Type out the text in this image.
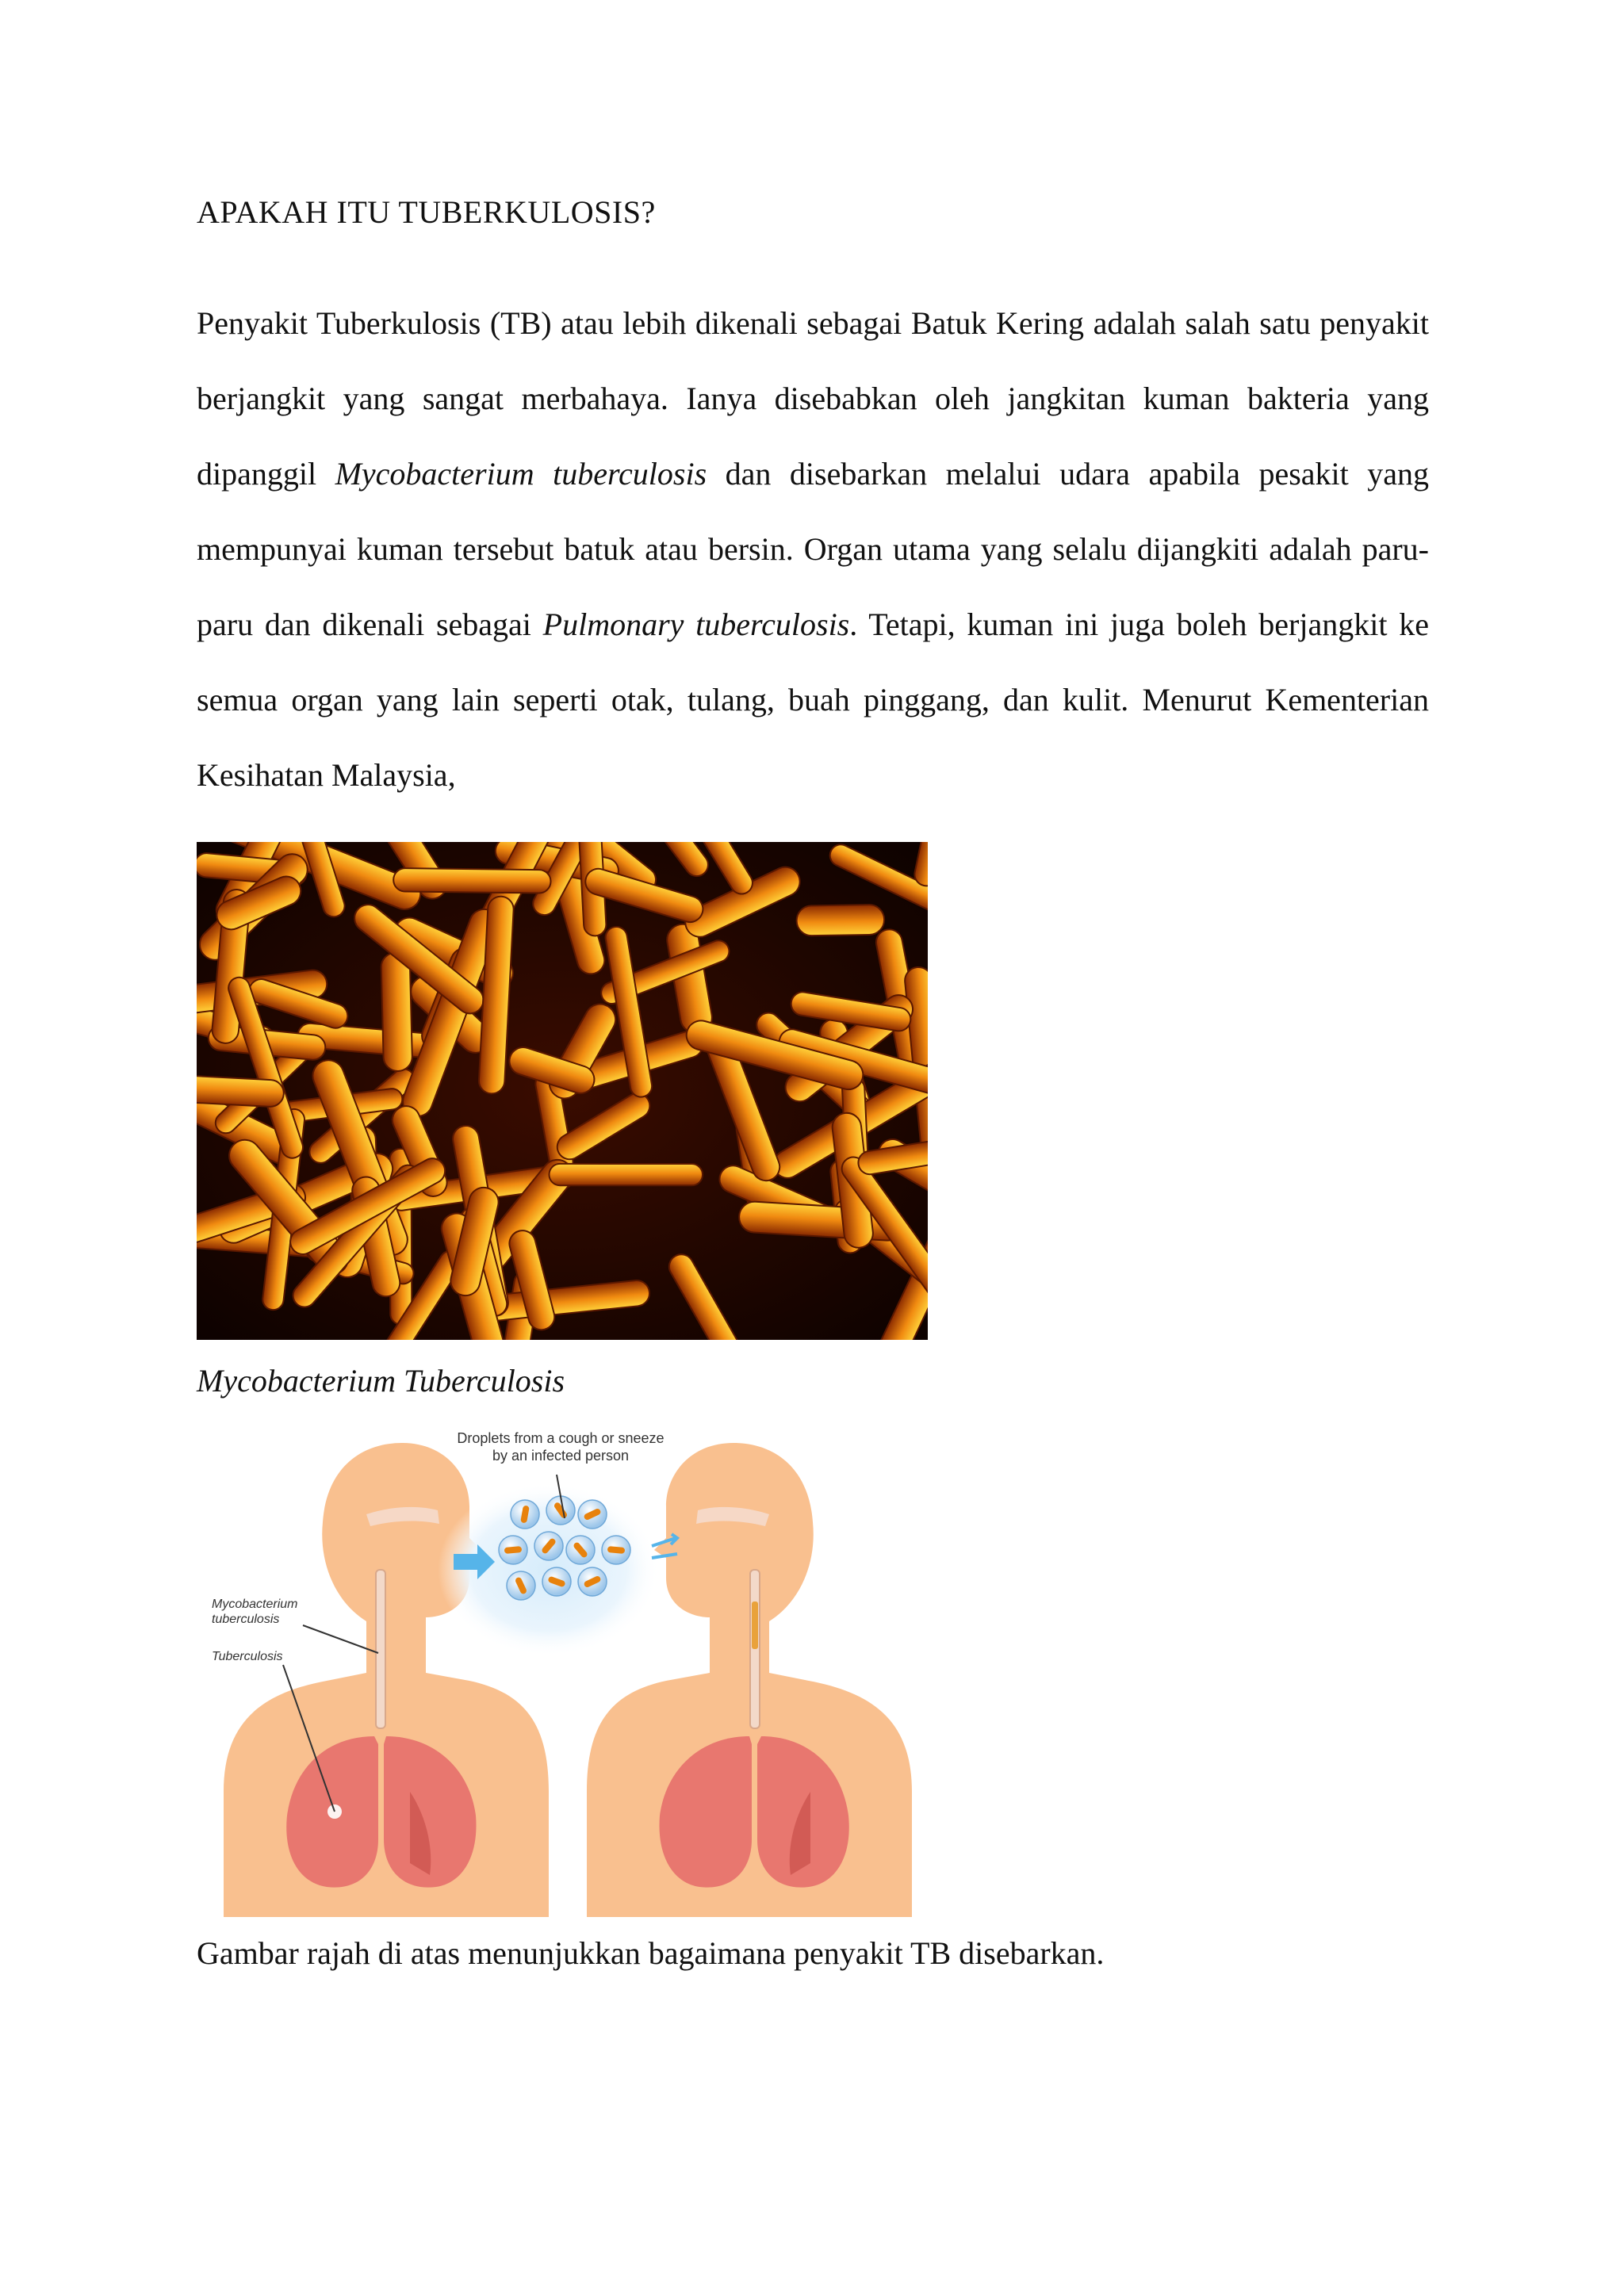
APAKAH ITU TUBERKULOSIS?

Penyakit Tuberkulosis (TB) atau lebih dikenali sebagai Batuk Kering adalah salah satu penyakit berjangkit yang sangat merbahaya. Ianya disebabkan oleh jangkitan kuman bakteria yang dipanggil Mycobacterium tuberculosis dan disebarkan melalui udara apabila pesakit yang mempunyai kuman tersebut batuk atau bersin. Organ utama yang selalu dijangkiti adalah paru-paru dan dikenali sebagai Pulmonary tuberculosis. Tetapi, kuman ini juga boleh berjangkit ke semua organ yang lain seperti otak, tulang, buah pinggang, dan kulit. Menurut Kementerian Kesihatan Malaysia,

Mycobacterium Tuberculosis

Droplets from a cough or sneeze
by an infected person
Mycobacterium
tuberculosis
Tuberculosis

Gambar rajah di atas menunjukkan bagaimana penyakit TB disebarkan.
